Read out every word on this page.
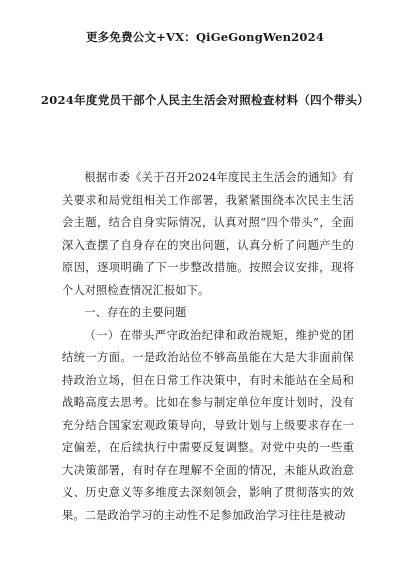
更多免费公文+VX：QiGeGongWen2024
2024年度党员干部个人民主生活会对照检查材料（四个带头）

根据市委《关于召开2024年度民主生活会的通知》有关要求和局党组相关工作部署，我紧紧围绕本次民主生活会主题，结合自身实际情况，认真对照“四个带头”，全面深入查摆了自身存在的突出问题，认真分析了问题产生的原因，逐项明确了下一步整改措施。按照会议安排，现将个人对照检查情况汇报如下。

一、存在的主要问题

（一）在带头严守政治纪律和政治规矩，维护党的团结统一方面。一是政治站位不够高虽能在大是大非面前保持政治立场，但在日常工作决策中，有时未能站在全局和战略高度去思考。比如在参与制定单位年度计划时，没有充分结合国家宏观政策导向，导致计划与上级要求存在一定偏差，在后续执行中需要反复调整。对党中央的一些重大决策部署，有时存在理解不全面的情况，未能从政治意义、历史意义等多维度去深刻领会，影响了贯彻落实的效果。二是政治学习的主动性不足参加政治学习往往是被动
